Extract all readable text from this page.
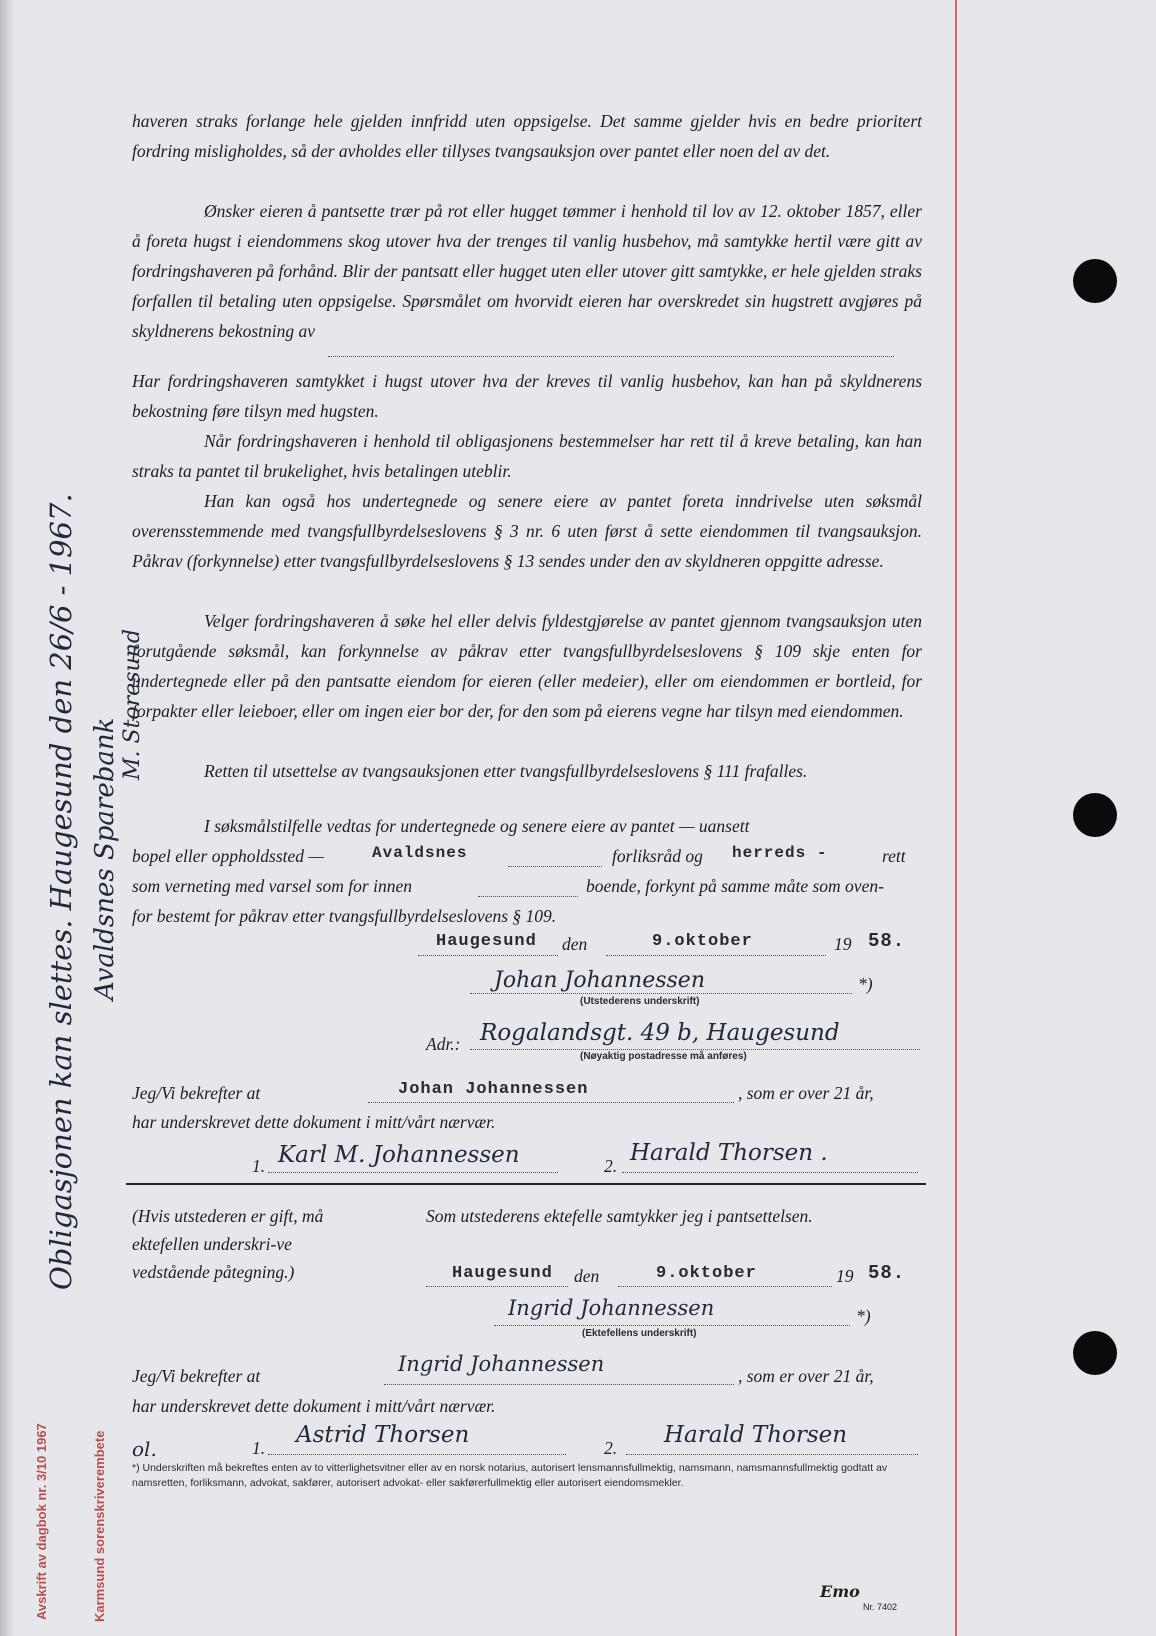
haveren straks forlange hele gjelden innfridd uten oppsigelse. Det samme gjelder hvis en bedre prioritert fordring misligholdes, så der avholdes eller tillyses tvangsauksjon over pantet eller noen del av det.
Ønsker eieren å pantsette trær på rot eller hugget tømmer i henhold til lov av 12. oktober 1857, eller å foreta hugst i eiendommens skog utover hva der trenges til vanlig husbehov, må samtykke hertil være gitt av fordringshaveren på forhånd. Blir der pantsatt eller hugget uten eller utover gitt samtykke, er hele gjelden straks forfallen til betaling uten oppsigelse. Spørsmålet om hvorvidt eieren har overskredet sin hugstrett avgjøres på skyldnerens bekostning av
Har fordringshaveren samtykket i hugst utover hva der kreves til vanlig husbehov, kan han på skyldnerens bekostning føre tilsyn med hugsten.
Når fordringshaveren i henhold til obligasjonens bestemmelser har rett til å kreve betaling, kan han straks ta pantet til brukelighet, hvis betalingen uteblir.
Han kan også hos undertegnede og senere eiere av pantet foreta inndrivelse uten søksmål overensstemmende med tvangsfullbyrdelseslovens § 3 nr. 6 uten først å sette eiendommen til tvangsauksjon. Påkrav (forkynnelse) etter tvangsfullbyrdelseslovens § 13 sendes under den av skyldneren oppgitte adresse.
Velger fordringshaveren å søke hel eller delvis fyldestgjørelse av pantet gjennom tvangsauksjon uten forutgående søksmål, kan forkynnelse av påkrav etter tvangsfullbyrdelseslovens § 109 skje enten for undertegnede eller på den pantsatte eiendom for eieren (eller medeier), eller om eiendommen er bortleid, for forpakter eller leieboer, eller om ingen eier bor der, for den som på eierens vegne har tilsyn med eiendommen.
Retten til utsettelse av tvangsauksjonen etter tvangsfullbyrdelseslovens § 111 frafalles.
I søksmålstilfelle vedtas for undertegnede og senere eiere av pantet — uansett
bopel eller oppholdssted —	Avaldsnes	forliksråd og herreds -	rett
som verneting med varsel som for innen	boende, forkynt på samme måte som oven-
for bestemt for påkrav etter tvangsfullbyrdelseslovens § 109.
Haugesund den	9.oktober	19 58.
Johan Johannessen	*)
(Utstederens underskrift)
Adr.: Rogalandsgt. 49 b, Haugesund
(Nøyaktig postadresse må anføres)
Jeg/Vi bekrefter at	Johan Johannessen	, som er over 21 år,
har underskrevet dette dokument i mitt/vårt nærvær.
1. Karl M. Johannessen	2. Harald Thorsen .
(Hvis utstederen er gift, må ektefellen underskri-ve vedstående påtegning.)
Som utstederens ektefelle samtykker jeg i pantsettelsen.
Haugesund den	9.oktober	19 58.
Ingrid Johannessen	*)
(Ektefellens underskrift)
Jeg/Vi bekrefter at	Ingrid Johannessen	, som er over 21 år,
har underskrevet dette dokument i mitt/vårt nærvær.
ol.	1. Astrid Thorsen	2. Harald Thorsen
*) Underskriften må bekreftes enten av to vitterlighetsvitner eller av en norsk notarius, autorisert lensmannsfullmektig, namsmann, namsmannsfullmektig godtatt av namsretten, forliksmann, advokat, sakfører, autorisert advokat- eller sakførerfullmektig eller autorisert eiendomsmekler.
Obligasjonen kan slettes. Haugesund den 26/6 - 1967. Avaldsnes Sparebank
M. Storesund
Avskrift av dagbok nr. 3/10 1967	Karmsund sorenskriverembete	Emo
Nr. 7402
